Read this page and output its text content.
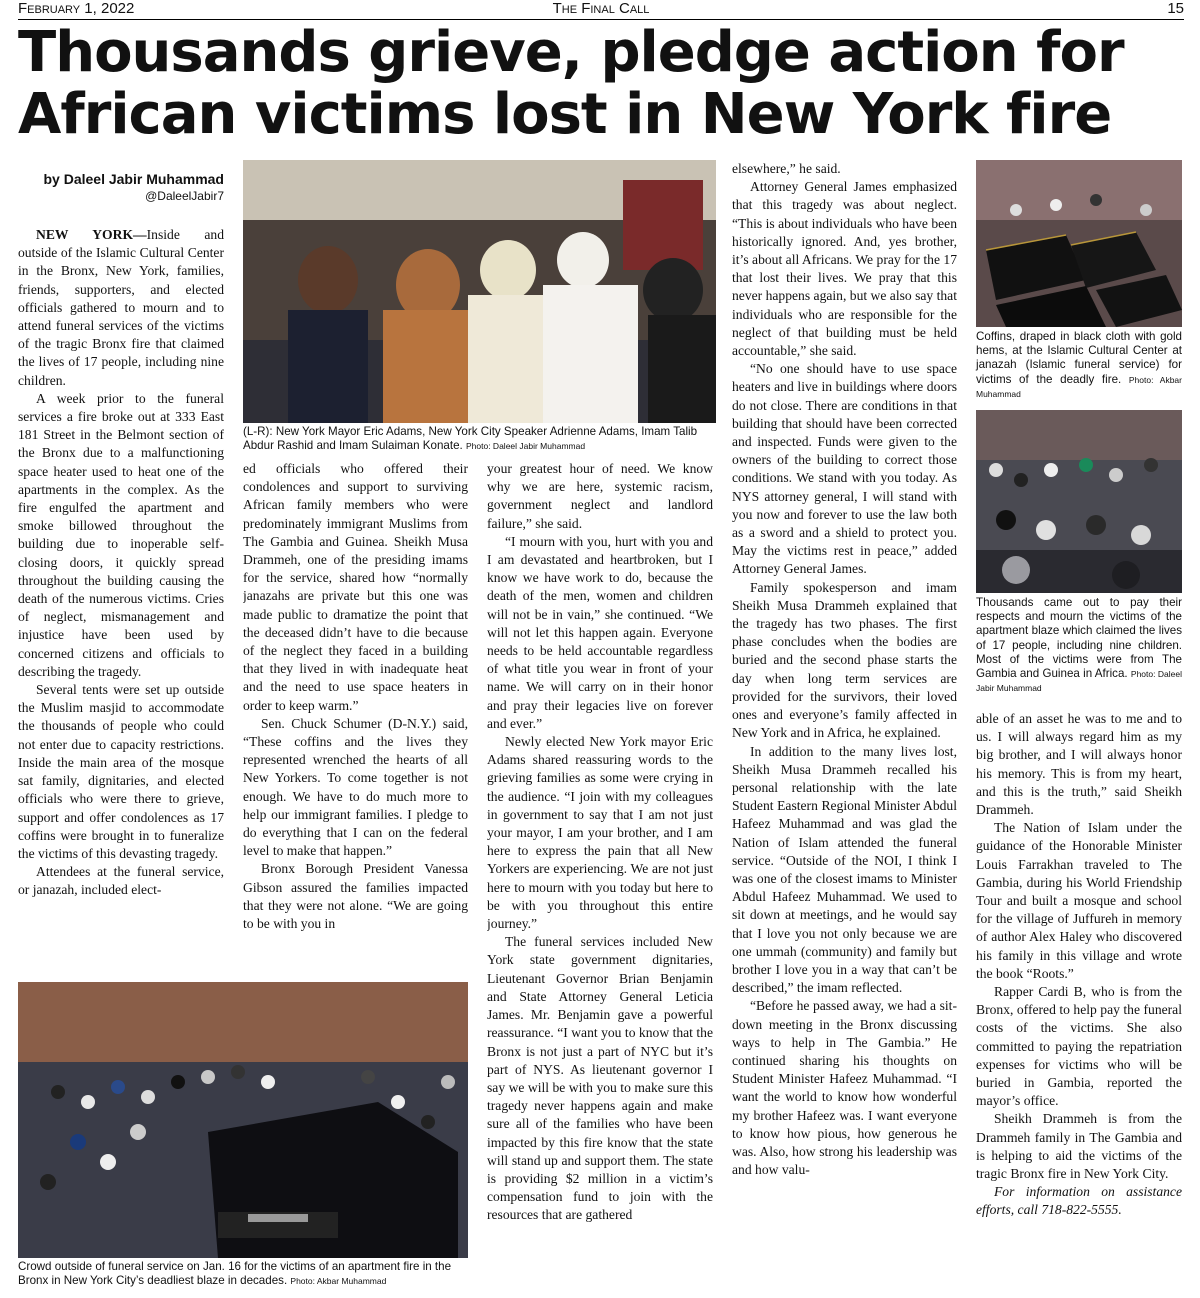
February 1, 2022	The Final Call	15
Thousands grieve, pledge action for
African victims lost in New York fire
by Daleel Jabir Muhammad
@DaleelJabir7

NEW YORK—Inside and outside of the Islamic Cultural Center in the Bronx, New York, families, friends, supporters, and elected officials gathered to mourn and to attend funeral services of the victims of the tragic Bronx fire that claimed the lives of 17 people, including nine children.

A week prior to the funeral services a fire broke out at 333 East 181 Street in the Belmont section of the Bronx due to a malfunctioning space heater used to heat one of the apartments in the complex. As the fire engulfed the apartment and smoke billowed throughout the building due to inoperable self-closing doors, it quickly spread throughout the building causing the death of the numerous victims. Cries of neglect, mismanagement and injustice have been used by concerned citizens and officials to describing the tragedy.

Several tents were set up outside the Muslim masjid to accommodate the thousands of people who could not enter due to capacity restrictions. Inside the main area of the mosque sat family, dignitaries, and elected officials who were there to grieve, support and offer condolences as 17 coffins were brought in to funeralize the victims of this devasting tragedy.

Attendees at the funeral service, or janazah, included elect-

(L-R): New York Mayor Eric Adams, New York City Speaker Adrienne Adams, Imam Talib Abdur Rashid and Imam Sulaiman Konate. Photo: Daleel Jabir Muhammad

ed officials who offered their condolences and support to surviving African family members who were predominately immigrant Muslims from The Gambia and Guinea. Sheikh Musa Drammeh, one of the presiding imams for the service, shared how “normally janazahs are private but this one was made public to dramatize the point that the deceased didn’t have to die because of the neglect they faced in a building that they lived in with inadequate heat and the need to use space heaters in order to keep warm.”

Sen. Chuck Schumer (D-N.Y.) said, “These coffins and the lives they represented wrenched the hearts of all New Yorkers. To come together is not enough. We have to do much more to help our immigrant families. I pledge to do everything that I can on the federal level to make that happen.”

Bronx Borough President Vanessa Gibson assured the families impacted that they were not alone. “We are going to be with you in

your greatest hour of need. We know why we are here, systemic racism, government neglect and landlord failure,” she said.

“I mourn with you, hurt with you and I am devastated and heartbroken, but I know we have work to do, because the death of the men, women and children will not be in vain,” she continued. “We will not let this happen again. Everyone needs to be held accountable regardless of what title you wear in front of your name. We will carry on in their honor and pray their legacies live on forever and ever.”

Newly elected New York mayor Eric Adams shared reassuring words to the grieving families as some were crying in the audience. “I join with my colleagues in government to say that I am not just your mayor, I am your brother, and I am here to express the pain that all New Yorkers are experiencing. We are not just here to mourn with you today but here to be with you throughout this entire journey.”

The funeral services included New York state government dignitaries, Lieutenant Governor Brian Benjamin and State Attorney General Leticia James. Mr. Benjamin gave a powerful reassurance. “I want you to know that the Bronx is not just a part of NYC but it’s part of NYS. As lieutenant governor I say we will be with you to make sure this tragedy never happens again and make sure all of the families who have been impacted by this fire know that the state will stand up and support them. The state is providing $2 million in a victim’s compensation fund to join with the resources that are gathered

Crowd outside of funeral service on Jan. 16 for the victims of an apartment fire in the Bronx in New York City’s deadliest blaze in decades. Photo: Akbar Muhammad

elsewhere,” he said.

Attorney General James emphasized that this tragedy was about neglect. “This is about individuals who have been historically ignored. And, yes brother, it’s about all Africans. We pray for the 17 that lost their lives. We pray that this never happens again, but we also say that individuals who are responsible for the neglect of that building must be held accountable,” she said.

“No one should have to use space heaters and live in buildings where doors do not close. There are conditions in that building that should have been corrected and inspected. Funds were given to the owners of the building to correct those conditions. We stand with you today. As NYS attorney general, I will stand with you now and forever to use the law both as a sword and a shield to protect you. May the victims rest in peace,” added Attorney General James.

Family spokesperson and imam Sheikh Musa Drammeh explained that the tragedy has two phases. The first phase concludes when the bodies are buried and the second phase starts the day when long term services are provided for the survivors, their loved ones and everyone’s family affected in New York and in Africa, he explained.

In addition to the many lives lost, Sheikh Musa Drammeh recalled his personal relationship with the late Student Eastern Regional Minister Abdul Hafeez Muhammad and was glad the Nation of Islam attended the funeral service. “Outside of the NOI, I think I was one of the closest imams to Minister Abdul Hafeez Muhammad. We used to sit down at meetings, and he would say that I love you not only because we are one ummah (community) and family but brother I love you in a way that can’t be described,” the imam reflected.

“Before he passed away, we had a sit-down meeting in the Bronx discussing ways to help in The Gambia.” He continued sharing his thoughts on Student Minister Hafeez Muhammad. “I want the world to know how wonderful my brother Hafeez was. I want everyone to know how pious, how generous he was. Also, how strong his leadership was and how valu-

Coffins, draped in black cloth with gold hems, at the Islamic Cultural Center at janazah (Islamic funeral service) for victims of the deadly fire. Photo: Akbar Muhammad
Thousands came out to pay their respects and mourn the victims of the apartment blaze which claimed the lives of 17 people, including nine children. Most of the victims were from The Gambia and Guinea in Africa. Photo: Daleel Jabir Muhammad

able of an asset he was to me and to us. I will always regard him as my big brother, and I will always honor his memory. This is from my heart, and this is the truth,” said Sheikh Drammeh.

The Nation of Islam under the guidance of the Honorable Minister Louis Farrakhan traveled to The Gambia, during his World Friendship Tour and built a mosque and school for the village of Juffureh in memory of author Alex Haley who discovered his family in this village and wrote the book “Roots.”

Rapper Cardi B, who is from the Bronx, offered to help pay the funeral costs of the victims. She also committed to paying the repatriation expenses for victims who will be buried in Gambia, reported the mayor’s office.

Sheikh Drammeh is from the Drammeh family in The Gambia and is helping to aid the victims of the tragic Bronx fire in New York City.

For information on assistance efforts, call 718-822-5555.
